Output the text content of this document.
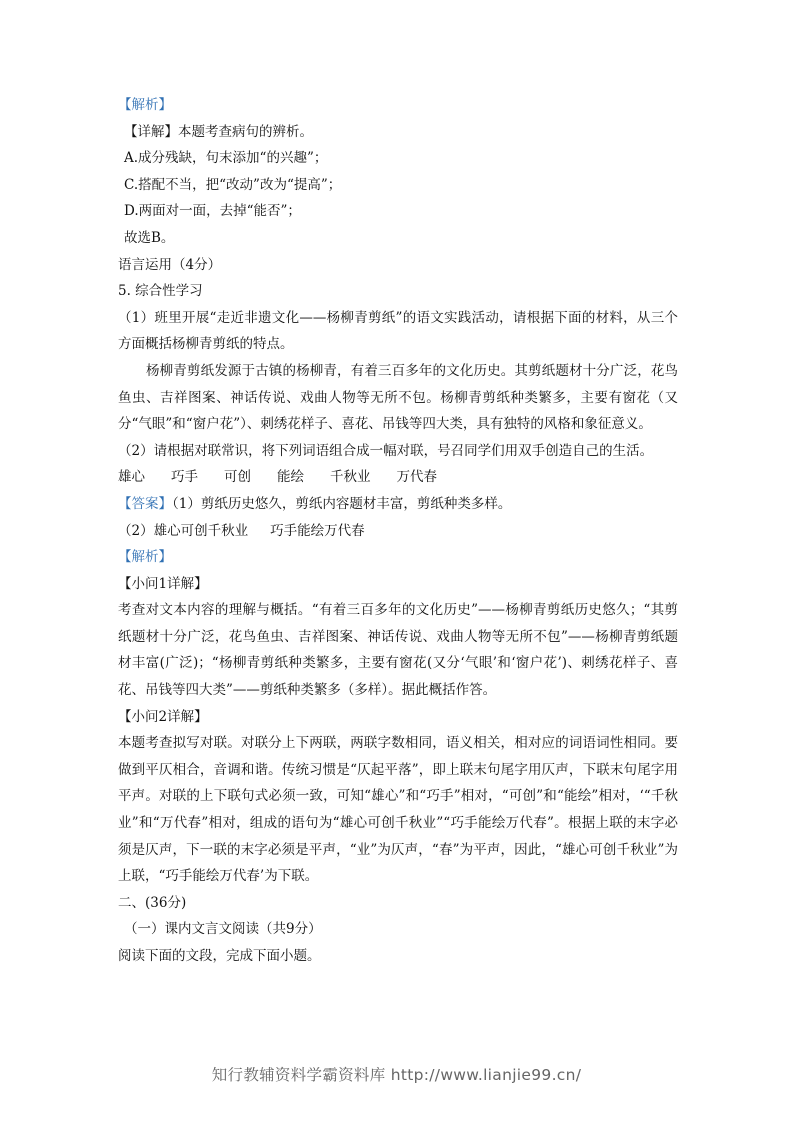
【解析】
【详解】本题考查病句的辨析。
A.成分残缺，句末添加“的兴趣”；
C.搭配不当，把“改动”改为“提高”；
D.两面对一面，去掉“能否”；
故选B。
语言运用（4分）
5. 综合性学习
（1）班里开展“走近非遗文化——杨柳青剪纸”的语文实践活动，请根据下面的材料，从三个方面概括杨柳青剪纸的特点。
杨柳青剪纸发源于古镇的杨柳青，有着三百多年的文化历史。其剪纸题材十分广泛，花鸟鱼虫、吉祥图案、神话传说、戏曲人物等无所不包。杨柳青剪纸种类繁多，主要有窗花（又分“气眼”和“窗户花”）、刺绣花样子、喜花、吊钱等四大类，具有独特的风格和象征意义。
（2）请根据对联常识，将下列词语组合成一幅对联，号召同学们用双手创造自己的生活。
雄心 巧手 可创 能绘 千秋业 万代春
【答案】（1）剪纸历史悠久，剪纸内容题材丰富，剪纸种类多样。
（2）雄心可创千秋业 巧手能绘万代春
【解析】
【小问1详解】
考查对文本内容的理解与概括。“有着三百多年的文化历史”——杨柳青剪纸历史悠久；“其剪纸题材十分广泛，花鸟鱼虫、吉祥图案、神话传说、戏曲人物等无所不包”——杨柳青剪纸题材丰富(广泛)；“杨柳青剪纸种类繁多，主要有窗花(又分‘气眼’和‘窗户花’)、刺绣花样子、喜花、吊钱等四大类”——剪纸种类繁多（多样）。据此概括作答。
【小问2详解】
本题考查拟写对联。对联分上下两联，两联字数相同，语义相关，相对应的词语词性相同。要做到平仄相合，音调和谐。传统习惯是“仄起平落”，即上联末句尾字用仄声，下联末句尾字用平声。对联的上下联句式必须一致，可知“雄心”和“巧手”相对，“可创”和“能绘”相对，‘“千秋业”和“万代春”相对，组成的语句为“雄心可创千秋业”“巧手能绘万代春”。根据上联的末字必须是仄声，下一联的末字必须是平声，“业”为仄声，“春”为平声，因此，“雄心可创千秋业”为上联，“巧手能绘万代春’为下联。
二、(36分)
（一）课内文言文阅读（共9分）
阅读下面的文段，完成下面小题。
知行教辅资料学霸资料库 http://www.lianjie99.cn/
